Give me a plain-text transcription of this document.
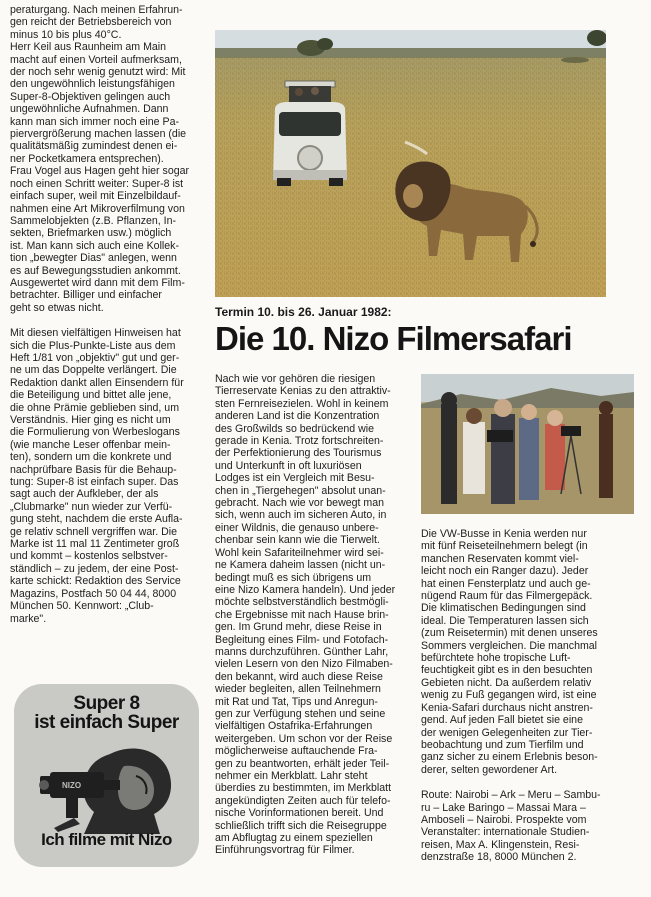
peraturgang. Nach meinen Erfahrun-
gen reicht der Betriebsbereich von
minus 10 bis plus 40°C.
Herr Keil aus Raunheim am Main
macht auf einen Vorteil aufmerksam,
der noch sehr wenig genutzt wird: Mit
den ungewöhnlich leistungsfähigen
Super-8-Objektiven gelingen auch
ungewöhnliche Aufnahmen. Dann
kann man sich immer noch eine Pa-
piervergrößerung machen lassen (die
qualitätsmäßig zumindest denen ei-
ner Pocketkamera entsprechen).
Frau Vogel aus Hagen geht hier sogar
noch einen Schritt weiter: Super-8 ist
einfach super, weil mit Einzelbildauf-
nahmen eine Art Mikroverfilmung von
Sammelobjekten (z.B. Pflanzen, In-
sekten, Briefmarken usw.) möglich
ist. Man kann sich auch eine Kollek-
tion „bewegter Dias" anlegen, wenn
es auf Bewegungsstudien ankommt.
Ausgewertet wird dann mit dem Film-
betrachter. Billiger und einfacher
geht so etwas nicht.

Mit diesen vielfältigen Hinweisen hat
sich die Plus-Punkte-Liste aus dem
Heft 1/81 von „objektiv" gut und ger-
ne um das Doppelte verlängert. Die
Redaktion dankt allen Einsendern für
die Beteiligung und bittet alle jene,
die ohne Prämie geblieben sind, um
Verständnis. Hier ging es nicht um
die Formulierung von Werbeslogans
(wie manche Leser offenbar mein-
ten), sondern um die konkrete und
nachprüfbare Basis für die Behaup-
tung: Super-8 ist einfach super. Das
sagt auch der Aufkleber, der als
„Clubmarke" nun wieder zur Verfü-
gung steht, nachdem die erste Aufla-
ge relativ schnell vergriffen war. Die
Marke ist 11 mal 11 Zentimeter groß
und kommt – kostenlos selbstver-
ständlich – zu jedem, der eine Post-
karte schickt: Redaktion des Service
Magazins, Postfach 50 04 44, 8000
München 50. Kennwort: „Club-
marke".

NIZO
Super 8
ist einfach Super
Ich filme mit Nizo
Termin 10. bis 26. Januar 1982:
Die 10. Nizo Filmersafari

Nach wie vor gehören die riesigen
Tierreservate Kenias zu den attraktiv-
sten Fernreisezielen. Wohl in keinem
anderen Land ist die Konzentration
des Großwilds so bedrückend wie
gerade in Kenia. Trotz fortschreiten-
der Perfektionierung des Tourismus
und Unterkunft in oft luxuriösen
Lodges ist ein Vergleich mit Besu-
chen in „Tiergehegen" absolut unan-
gebracht. Nach wie vor bewegt man
sich, wenn auch im sicheren Auto, in
einer Wildnis, die genauso unbere-
chenbar sein kann wie die Tierwelt.
Wohl kein Safariteilnehmer wird sei-
ne Kamera daheim lassen (nicht un-
bedingt muß es sich übrigens um
eine Nizo Kamera handeln). Und jeder
möchte selbstverständlich bestmögli-
che Ergebnisse mit nach Hause brin-
gen. Im Grund mehr, diese Reise in
Begleitung eines Film- und Fotofach-
manns durchzuführen. Günther Lahr,
vielen Lesern von den Nizo Filmaben-
den bekannt, wird auch diese Reise
wieder begleiten, allen Teilnehmern
mit Rat und Tat, Tips und Anregun-
gen zur Verfügung stehen und seine
vielfältigen Ostafrika-Erfahrungen
weitergeben. Um schon vor der Reise
möglicherweise auftauchende Fra-
gen zu beantworten, erhält jeder Teil-
nehmer ein Merkblatt. Lahr steht
überdies zu bestimmten, im Merkblatt
angekündigten Zeiten auch für telefo-
nische Vorinformationen bereit. Und
schließlich trifft sich die Reisegruppe
am Abflugtag zu einem speziellen
Einführungsvortrag für Filmer.

Die VW-Busse in Kenia werden nur
mit fünf Reiseteilnehmern belegt (in
manchen Reservaten kommt viel-
leicht noch ein Ranger dazu). Jeder
hat einen Fensterplatz und auch ge-
nügend Raum für das Filmergepäck.
Die klimatischen Bedingungen sind
ideal. Die Temperaturen lassen sich
(zum Reisetermin) mit denen unseres
Sommers vergleichen. Die manchmal
befürchtete hohe tropische Luft-
feuchtigkeit gibt es in den besuchten
Gebieten nicht. Da außerdem relativ
wenig zu Fuß gegangen wird, ist eine
Kenia-Safari durchaus nicht anstren-
gend. Auf jeden Fall bietet sie eine
der wenigen Gelegenheiten zur Tier-
beobachtung und zum Tierfilm und
ganz sicher zu einem Erlebnis beson-
derer, selten gewordener Art.

Route: Nairobi – Ark – Meru – Sambu-
ru – Lake Baringo – Massai Mara –
Amboseli – Nairobi. Prospekte vom
Veranstalter: internationale Studien-
reisen, Max A. Klingenstein, Resi-
denzstraße 18, 8000 München 2.
